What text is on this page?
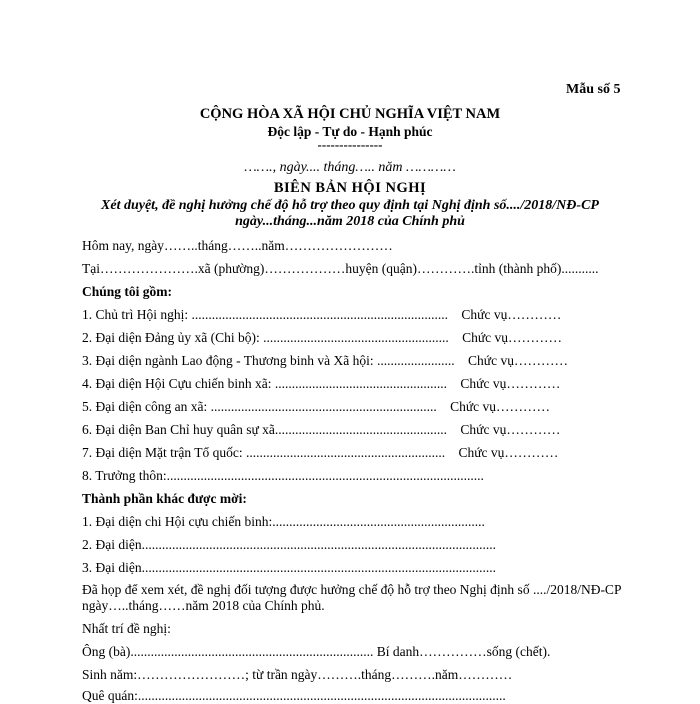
Mẫu số 5
CỘNG HÒA XÃ HỘI CHỦ NGHĨA VIỆT NAM
Độc lập - Tự do - Hạnh phúc
---------------
……., ngày.... tháng….. năm …………
BIÊN BẢN HỘI NGHỊ
Xét duyệt, đề nghị hưởng chế độ hỗ trợ theo quy định tại Nghị định số..../2018/NĐ-CP
ngày...tháng...năm 2018 của Chính phủ
Hôm nay, ngày……..tháng……..năm……………………
Tại………………….xã (phường)………………huyện (quận)………….tỉnh (thành phố)...........
Chúng tôi gồm:
1. Chủ trì Hội nghị: ............................................................................ Chức vụ…………
2. Đại diện Đảng ủy xã (Chi bộ): ....................................................... Chức vụ…………
3. Đại diện ngành Lao động - Thương binh và Xã hội: ....................... Chức vụ…………
4. Đại diện Hội Cựu chiến binh xã: ................................................... Chức vụ…………
5. Đại diện công an xã: ................................................................... Chức vụ…………
6. Đại diện Ban Chỉ huy quân sự xã................................................... Chức vụ…………
7. Đại diện Mặt trận Tổ quốc: ........................................................... Chức vụ…………
8. Trưởng thôn:..............................................................................................
Thành phần khác được mời:
1. Đại diện chi Hội cựu chiến binh:...............................................................
2. Đại diện.........................................................................................................
3. Đại diện.........................................................................................................
Đã họp để xem xét, đề nghị đối tượng được hưởng chế độ hỗ trợ theo Nghị định số ..../2018/NĐ-CP ngày…..tháng……năm 2018 của Chính phủ.
Nhất trí đề nghị:
Ông (bà)........................................................................ Bí danh……………sống (chết).
Sinh năm:……………………; từ trần ngày……….tháng……….năm…………
Quê quán:.............................................................................................................
